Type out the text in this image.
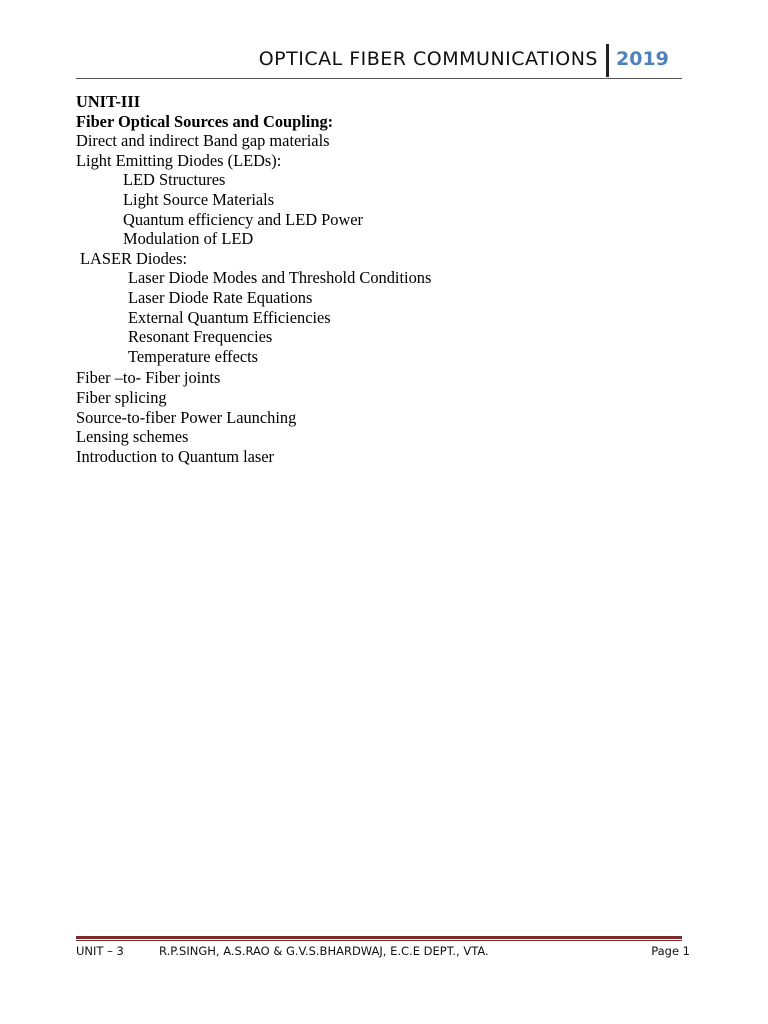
OPTICAL FIBER COMMUNICATIONS 2019
UNIT-III
Fiber Optical Sources and Coupling:
Direct and indirect Band gap materials
Light Emitting Diodes (LEDs):
LED Structures
Light Source Materials
Quantum efficiency and LED Power
Modulation of LED
LASER Diodes:
Laser Diode Modes and Threshold Conditions
Laser Diode Rate Equations
External Quantum Efficiencies
Resonant Frequencies
Temperature effects
Fiber –to- Fiber joints
Fiber splicing
Source-to-fiber Power Launching
Lensing schemes
Introduction to Quantum laser
UNIT – 3	R.P.SINGH, A.S.RAO & G.V.S.BHARDWAJ, E.C.E DEPT., VTA.	Page 1
